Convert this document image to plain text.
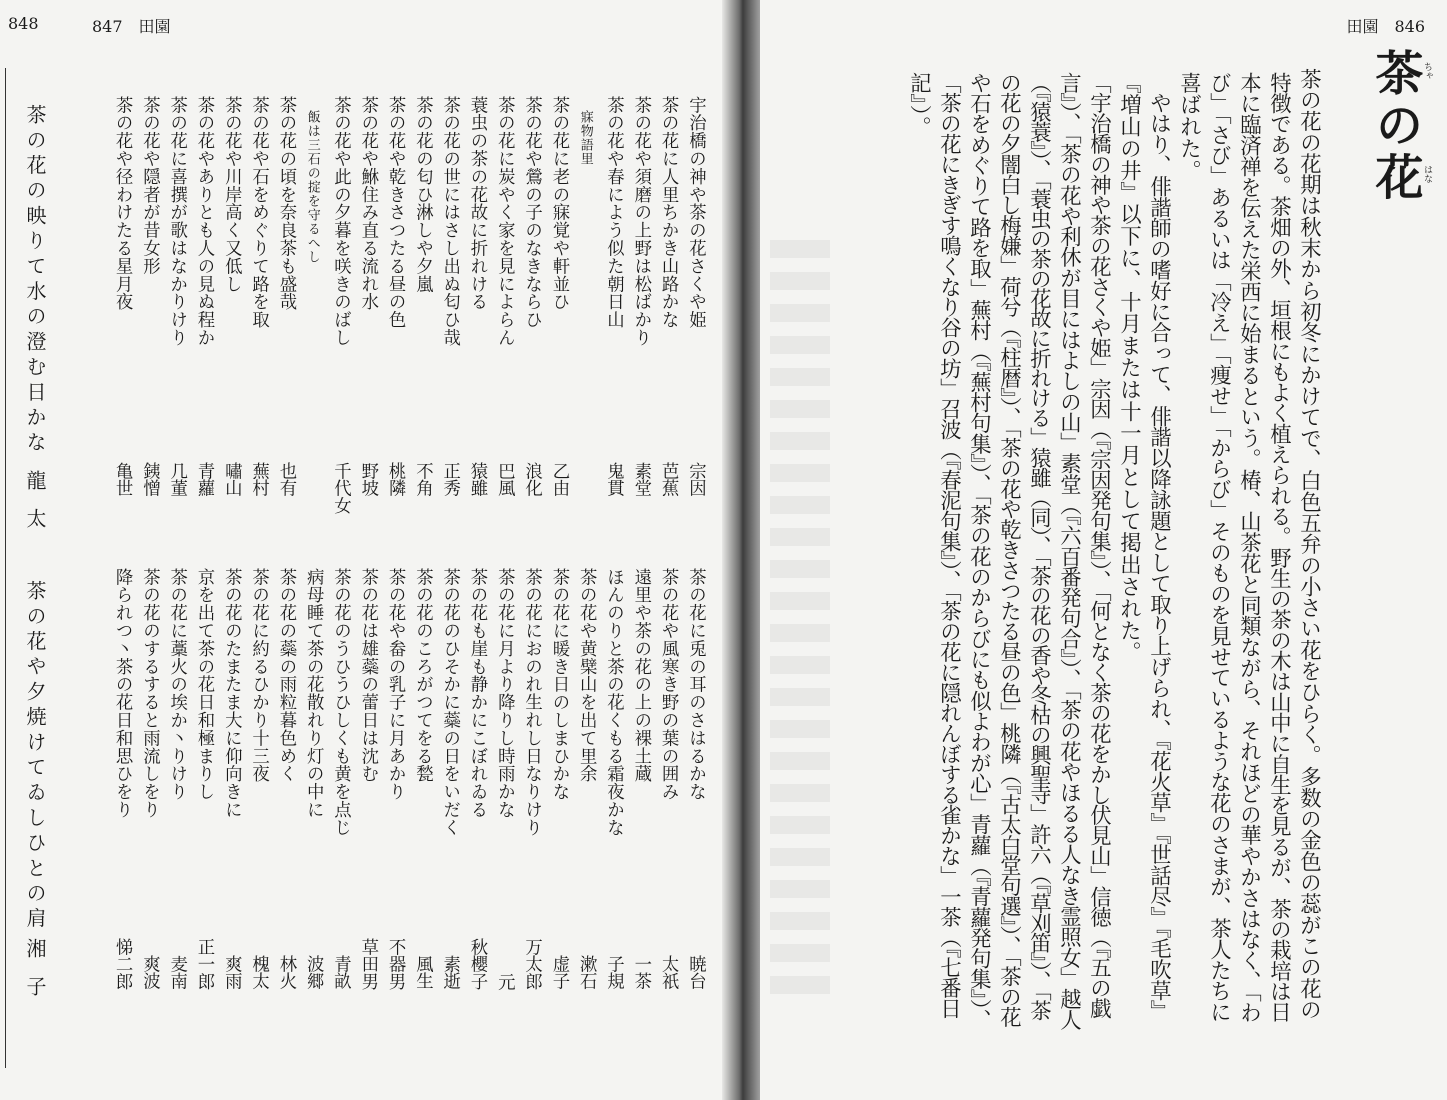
848	847　田園
茶の花や夕焼けてゐしひとの肩
湘子
茶の花の映りて水の澄む日かな
龍太
宇治橋の神や茶の花さくや姫
宗因
茶の花に人里ちかき山路かな
芭蕉
茶の花や須磨の上野は松ばかり
素堂
茶の花や春によう似た朝日山
鬼貫
寐物語里
茶の花に老の寐覚や軒並ひ
乙由
茶の花や鶯の子のなきならひ
浪化
茶の花に炭やく家を見によらん
巴風
蓑虫の茶の花故に折れける
猿雖
茶の花の世にはさし出ぬ匂ひ哉
正秀
茶の花の匂ひ淋しや夕嵐
不角
茶の花や乾きさつたる昼の色
桃隣
茶の花や鮴住み直る流れ水
野坡
茶の花や此の夕暮を咲きのばし
千代女
飯は三石の掟を守るへし
茶の花の頃を奈良茶も盛哉
也有
茶の花や石をめぐりて路を取
蕪村
茶の花や川岸高く又低し
嘯山
茶の花やありとも人の見ぬ程か
青蘿
茶の花に喜撰が歌はなかりけり
几董
茶の花や隠者が昔女形
銕憎
茶の花や径わけたる星月夜
亀世
茶の花に兎の耳のさはるかな
暁台
茶の花や風寒き野の葉の囲み
太祇
遠里や茶の花の上の裸土蔵
一茶
ほんのりと茶の花くもる霜夜かな
子規
茶の花や黄檗山を出て里余
漱石
茶の花に暖き日のしまひかな
虚子
茶の花におのれ生れし日なりけり
万太郎
茶の花に月より降りし時雨かな
元
茶の花も崖も静かにこぼれゐる
秋櫻子
茶の花のひそかに蘂の日をいだく
素逝
茶の花のころがつてをる甃
風生
茶の花や畚の乳子に月あかり
不器男
茶の花は雄蘂の蕾日は沈む
草田男
茶の花のうひうひしくも黄を点じ
青畝
病母睡て茶の花散れり灯の中に
波郷
茶の花の蘂の雨粒暮色めく
林火
茶の花に約るひかり十三夜
槐太
茶の花のたまたま大に仰向きに
爽雨
京を出て茶の花日和極まりし
正一郎
茶の花に藁火の埃か丶りけり
麦南
茶の花のするすると雨流しをり
爽波
降られつ丶茶の花日和思ひをり
悌二郎
田園　846
茶の花の花期は秋末から初冬にかけてで、白色五弁の小さい花をひらく。多数の金色の蕊がこの花の
特徴である。茶畑の外、垣根にもよく植えられる。野生の茶の木は山中に自生を見るが、茶の栽培は日
本に臨済禅を伝えた栄西に始まるという。椿、山茶花と同類ながら、それほどの華やかさはなく、「わ
び」「さび」あるいは「冷え」「痩せ」「からび」そのものを見せているような花のさまが、茶人たちに
喜ばれた。
やはり、俳諧師の嗜好に合って、俳諧以降詠題として取り上げられ、『花火草』『世話尽』『毛吹草』
『増山の井』以下に、十月または十一月として掲出された。
「宇治橋の神や茶の花さくや姫」宗因（『宗因発句集』）、「何となく茶の花をかし伏見山」信徳（『五の戯
言』）、「茶の花や利休が目にはよしの山」素堂（『六百番発句合』）、「茶の花やほるる人なき霊照女」越人
（『猿蓑』）、「蓑虫の茶の花故に折れける」猿雖（同）、「茶の花の香や冬枯の興聖寺」許六（『草刈笛』）、「茶
の花の夕闇白し梅嫌」荷兮（『柱暦』）、「茶の花や乾きさつたる昼の色」桃隣（『古太白堂句選』）、「茶の花
や石をめぐりて路を取」蕪村（『蕪村句集』）、「茶の花のからびにも似よわが心」青蘿（『青蘿発句集』）、
「茶の花にきぎす鳴くなり谷の坊」召波（『春泥句集』）、「茶の花に隠れんぼする雀かな」一茶（『七番日
記』）。	茶の花 ちゃ
はな
